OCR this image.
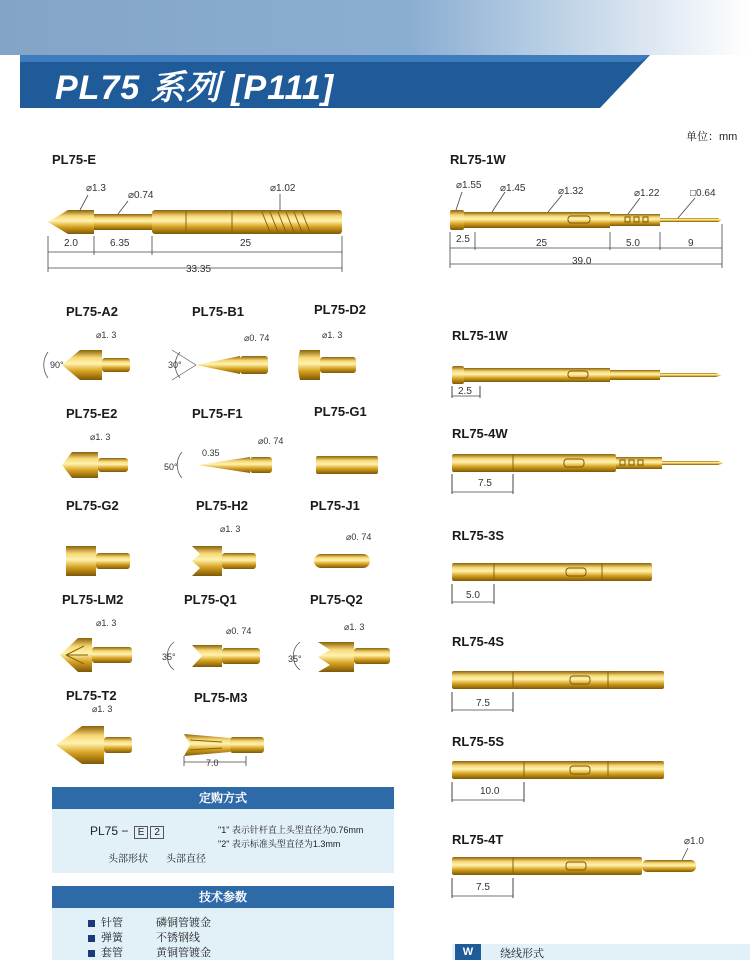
PL75 系列 [P111]
单位：mm
PL75-E
⌀1.3
⌀0.74
⌀1.02
2.0	6.35	25
33.35
RL75-1W
⌀1.55 ⌀1.45	⌀1.32	⌀1.22	□0.64
2.5	25	5.0	9
39.0
PL75-A2
⌀1. 3
90°
PL75-B1
⌀0. 74
30°
PL75-D2
⌀1. 3
PL75-E2
⌀1. 3
PL75-F1
⌀0. 74
0.35
50°
PL75-G1
PL75-G2	PL75-H2
⌀1. 3
PL75-J1
⌀0. 74
PL75-LM2
⌀1. 3
PL75-Q1
⌀0. 74
35°
PL75-Q2
⌀1. 3
35°
PL75-T2
⌀1. 3
PL75-M3
7.0
RL75-1W
2.5
RL75-4W
7.5
RL75-3S
5.0
RL75-4S
7.5
RL75-5S
10.0
RL75-4T
7.5
⌀1.0
定购方式
PL75 − E 2
头部形状 头部直径
"1" 表示针杆直上头型直径为0.76mm
"2" 表示标准头型直径为1.3mm
技术参数
针管	磷铜管镀金
弹簧	不锈钢线
套管	黄铜管镀金	W	绕线形式
